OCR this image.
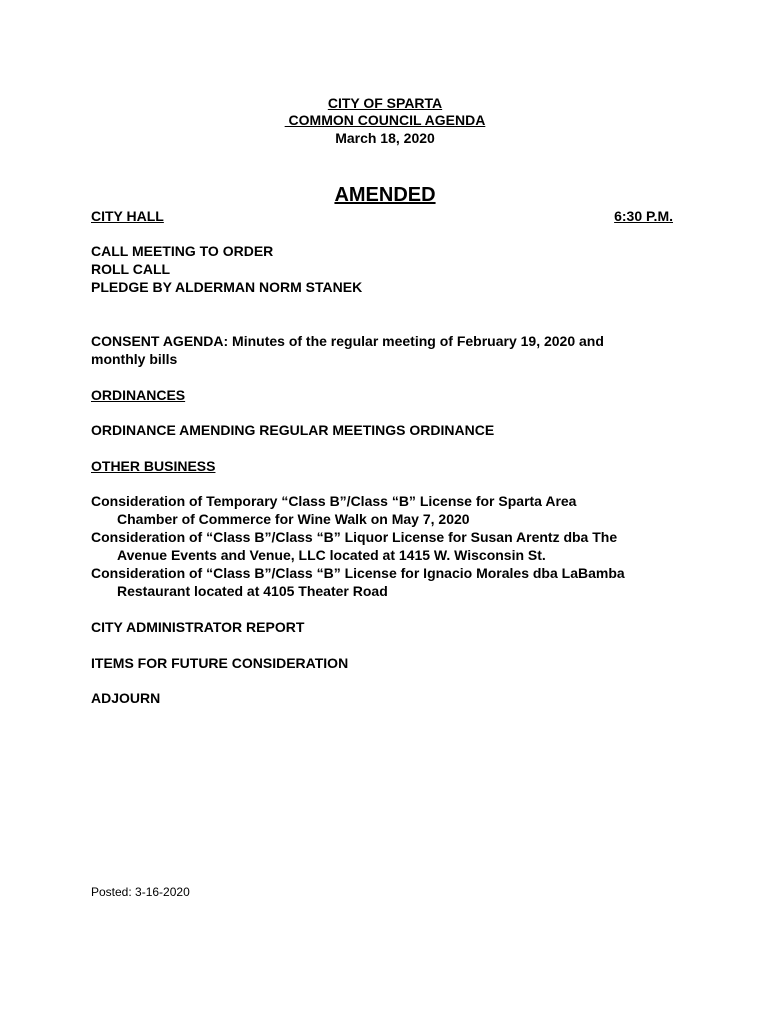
CITY OF SPARTA
COMMON COUNCIL AGENDA
March 18, 2020
AMENDED
CITY HALL	6:30 P.M.
CALL MEETING TO ORDER
ROLL CALL
PLEDGE BY ALDERMAN NORM STANEK
CONSENT AGENDA: Minutes of the regular meeting of February 19, 2020 and
monthly bills
ORDINANCES
ORDINANCE AMENDING REGULAR MEETINGS ORDINANCE
OTHER BUSINESS
Consideration of Temporary “Class B”/Class “B” License for Sparta Area
Chamber of Commerce for Wine Walk on May 7, 2020
Consideration of “Class B”/Class “B” Liquor License for Susan Arentz dba The
Avenue Events and Venue, LLC located at 1415 W. Wisconsin St.
Consideration of “Class B”/Class “B” License for Ignacio Morales dba LaBamba
Restaurant located at 4105 Theater Road
CITY ADMINISTRATOR REPORT
ITEMS FOR FUTURE CONSIDERATION
ADJOURN
Posted: 3-16-2020
